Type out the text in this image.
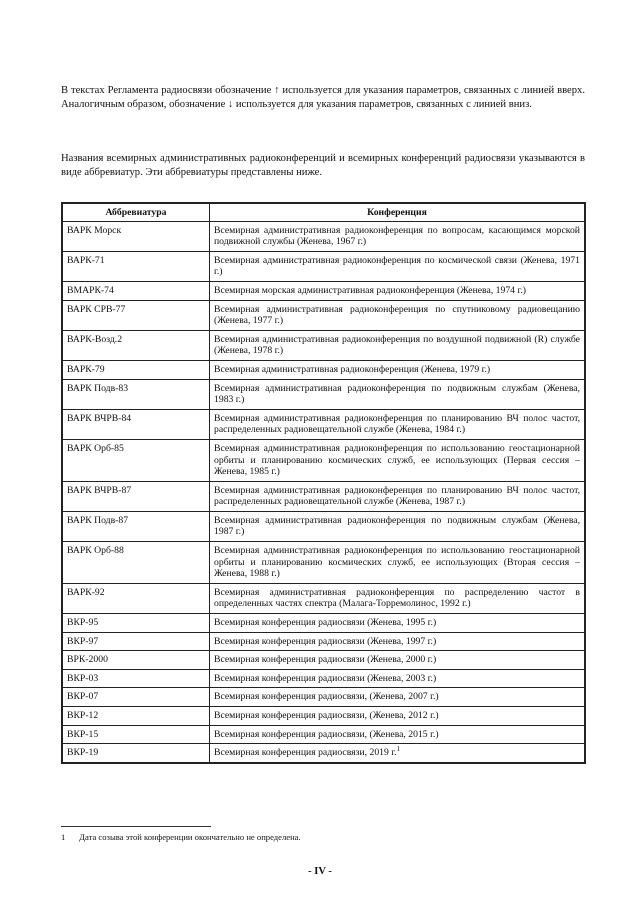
В текстах Регламента радиосвязи обозначение ↑ используется для указания параметров, связанных с линией вверх. Аналогичным образом, обозначение ↓ используется для указания параметров, связанных с линией вниз.
Названия всемирных административных радиоконференций и всемирных конференций радиосвязи указываются в виде аббревиатур. Эти аббревиатуры представлены ниже.
Аббревиатура	Конференция
ВАРК Морск	Всемирная административная радиоконференция по вопросам, касающимся морской подвижной службы (Женева, 1967 г.)
ВАРК-71	Всемирная административная радиоконференция по космической связи (Женева, 1971 г.)
ВМАРК-74	Всемирная морская административная радиоконференция (Женева, 1974 г.)
ВАРК СРВ-77	Всемирная административная радиоконференция по спутниковому радиовещанию (Женева, 1977 г.)
ВАРК-Возд.2	Всемирная административная радиоконференция по воздушной подвижной (R) службе (Женева, 1978 г.)
ВАРК-79	Всемирная административная радиоконференция (Женева, 1979 г.)
ВАРК Подв-83	Всемирная административная радиоконференция по подвижным службам (Женева, 1983 г.)
ВАРК ВЧРВ-84	Всемирная административная радиоконференция по планированию ВЧ полос частот, распределенных радиовещательной службе (Женева, 1984 г.)
ВАРК Орб-85	Всемирная административная радиоконференция по использованию геостационарной орбиты и планированию космических служб, ее использующих (Первая сессия – Женева, 1985 г.)
ВАРК ВЧРВ-87	Всемирная административная радиоконференция по планированию ВЧ полос частот, распределенных радиовещательной службе (Женева, 1987 г.)
ВАРК Подв-87	Всемирная административная радиоконференция по подвижным службам (Женева, 1987 г.)
ВАРК Орб-88	Всемирная административная радиоконференция по использованию геостационарной орбиты и планированию космических служб, ее использующих (Вторая сессия – Женева, 1988 г.)
ВАРК-92	Всемирная административная радиоконференция по распределению частот в определенных частях спектра (Малага-Торремолинос, 1992 г.)
ВКР-95	Всемирная конференция радиосвязи (Женева, 1995 г.)
ВКР-97	Всемирная конференция радиосвязи (Женева, 1997 г.)
ВРК-2000	Всемирная конференция радиосвязи (Женева, 2000 г.)
ВКР-03	Всемирная конференция радиосвязи (Женева, 2003 г.)
ВКР-07	Всемирная конференция радиосвязи, (Женева, 2007 г.)
ВКР-12	Всемирная конференция радиосвязи, (Женева, 2012 г.)
ВКР-15	Всемирная конференция радиосвязи, (Женева, 2015 г.)
ВКР-19	Всемирная конференция радиосвязи, 2019 г.$^1$
1 Дата созыва этой конференции окончательно не определена.
- IV -
